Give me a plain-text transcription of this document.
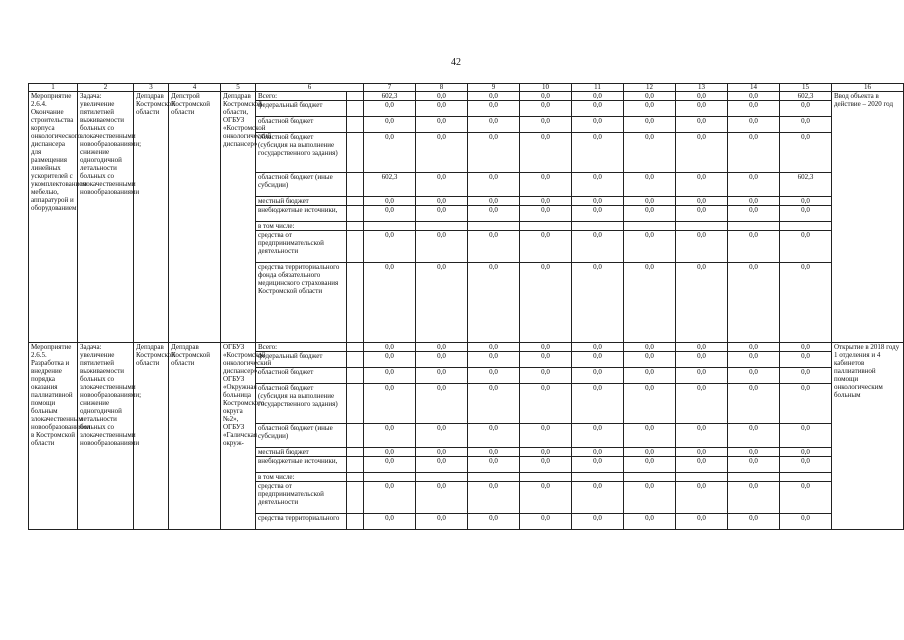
42
1	2	3	4	5	6		7	8	9	10	11	12	13	14	15	16
Мероприятие 2.6.4. Окончание строительства корпуса онкологического диспансера для размещения линейных ускорителей с укомплектованием мебелью, аппаратурой и оборудованием	Задача: увеличение пятилетней выживаемости больных со злокачественными новообразованиями; снижение одногодичной летальности больных со злокачественными новообразованиями	Депздрав Костромской области	Депстрой Костромской области	Депздрав Костромской области, ОГБУЗ «Костромской онкологический диспансер»	Всего:		602,3	0,0	0,0	0,0	0,0	0,0	0,0	0,0	602,3	Ввод объекта в действие – 2020 год
					федеральный бюджет		0,0	0,0	0,0	0,0	0,0	0,0	0,0	0,0	0,0	
					областной бюджет		0,0	0,0	0,0	0,0	0,0	0,0	0,0	0,0	0,0	
					областной бюджет (субсидия на выполнение государственного задания)		0,0	0,0	0,0	0,0	0,0	0,0	0,0	0,0	0,0	
					областной бюджет (иные субсидии)		602,3	0,0	0,0	0,0	0,0	0,0	0,0	0,0	602,3	
					местный бюджет		0,0	0,0	0,0	0,0	0,0	0,0	0,0	0,0	0,0	
					внебюджетные источники,		0,0	0,0	0,0	0,0	0,0	0,0	0,0	0,0	0,0	
					в том числе:											
					средства от предпринимательской деятельности		0,0	0,0	0,0	0,0	0,0	0,0	0,0	0,0	0,0	
					средства территориального фонда обязательного медицинского страхования Костромской области		0,0	0,0	0,0	0,0	0,0	0,0	0,0	0,0	0,0	
Мероприятие 2.6.5. Разработка и внедрение порядка оказания паллиативной помощи больным злокачественным новообразованиями в Костромской области	Задача: увеличение пятилетней выживаемости больных со злокачественными новообразованиями; снижение одногодичной летальности больных со злокачественными новообразованиями	Депздрав Костромской области	Депздрав Костромской области	ОГБУЗ «Костромской онкологический диспансер», ОГБУЗ «Окружная больница Костромского округа №2», ОГБУЗ «Галичская окруж-	Всего:		0,0	0,0	0,0	0,0	0,0	0,0	0,0	0,0	0,0	Открытие в 2018 году 1 отделения и 4 кабинетов паллиативной помощи онкологическим больным
					федеральный бюджет		0,0	0,0	0,0	0,0	0,0	0,0	0,0	0,0	0,0	
					областной бюджет		0,0	0,0	0,0	0,0	0,0	0,0	0,0	0,0	0,0	
					областной бюджет (субсидия на выполнение государственного задания)		0,0	0,0	0,0	0,0	0,0	0,0	0,0	0,0	0,0	
					областной бюджет (иные субсидии)		0,0	0,0	0,0	0,0	0,0	0,0	0,0	0,0	0,0	
					местный бюджет		0,0	0,0	0,0	0,0	0,0	0,0	0,0	0,0	0,0	
					внебюджетные источники,		0,0	0,0	0,0	0,0	0,0	0,0	0,0	0,0	0,0	
					в том числе:											
					средства от предпринимательской деятельности		0,0	0,0	0,0	0,0	0,0	0,0	0,0	0,0	0,0	
					средства территориального		0,0	0,0	0,0	0,0	0,0	0,0	0,0	0,0	0,0	
